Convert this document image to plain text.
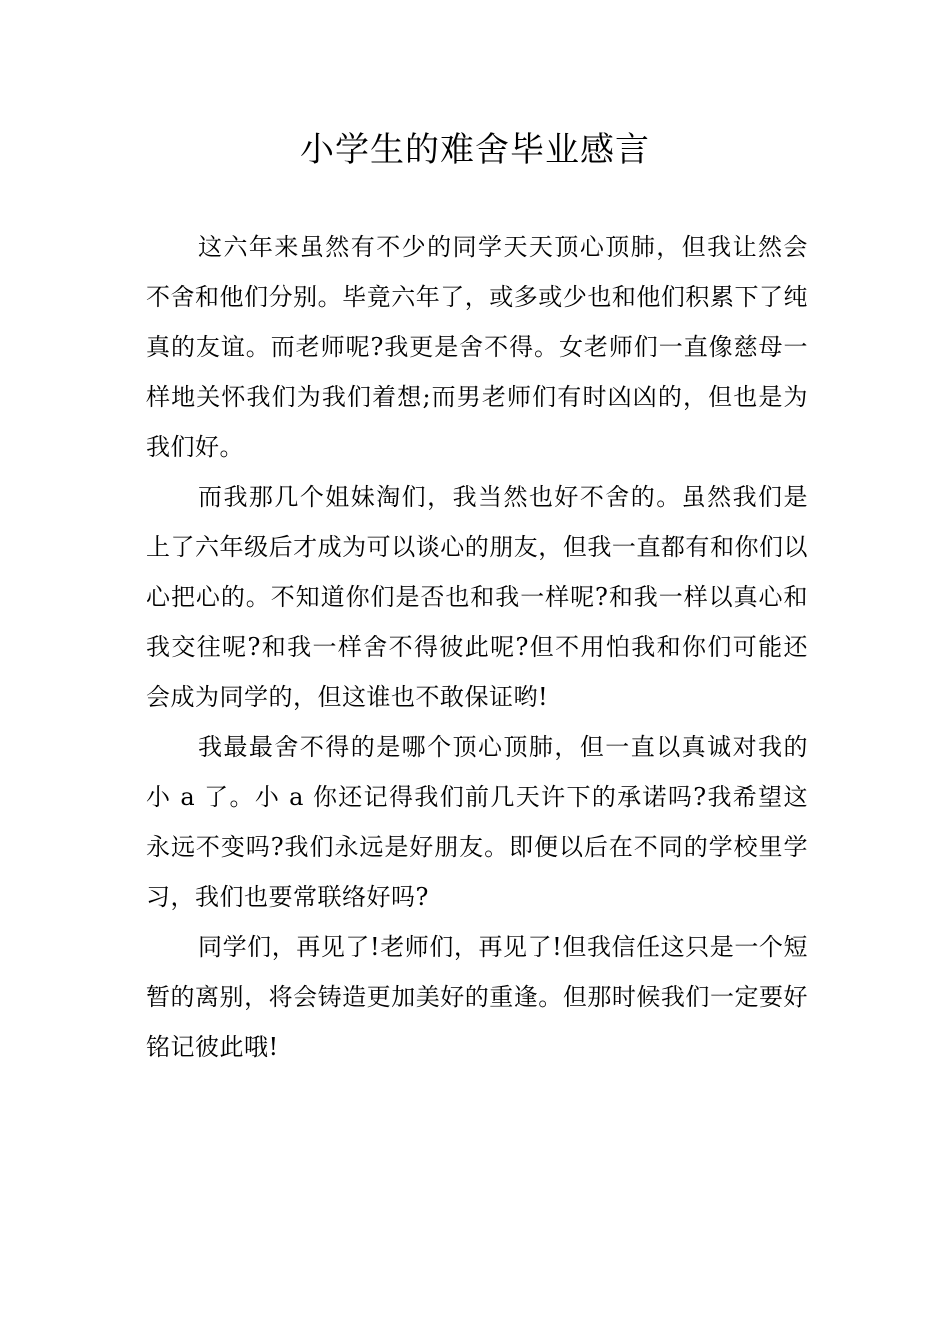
小学生的难舍毕业感言

这六年来虽然有不少的同学天天顶心顶肺，但我让然会不舍和他们分别。毕竟六年了，或多或少也和他们积累下了纯真的友谊。而老师呢?我更是舍不得。女老师们一直像慈母一样地关怀我们为我们着想;而男老师们有时凶凶的，但也是为我们好。

而我那几个姐妹淘们，我当然也好不舍的。虽然我们是上了六年级后才成为可以谈心的朋友，但我一直都有和你们以心把心的。不知道你们是否也和我一样呢?和我一样以真心和我交往呢?和我一样舍不得彼此呢?但不用怕我和你们可能还会成为同学的，但这谁也不敢保证哟!

我最最舍不得的是哪个顶心顶肺，但一直以真诚对我的小 a 了。小 a 你还记得我们前几天许下的承诺吗?我希望这永远不变吗?我们永远是好朋友。即便以后在不同的学校里学习，我们也要常联络好吗?

同学们，再见了!老师们，再见了!但我信任这只是一个短暂的离别，将会铸造更加美好的重逢。但那时候我们一定要好铭记彼此哦!
